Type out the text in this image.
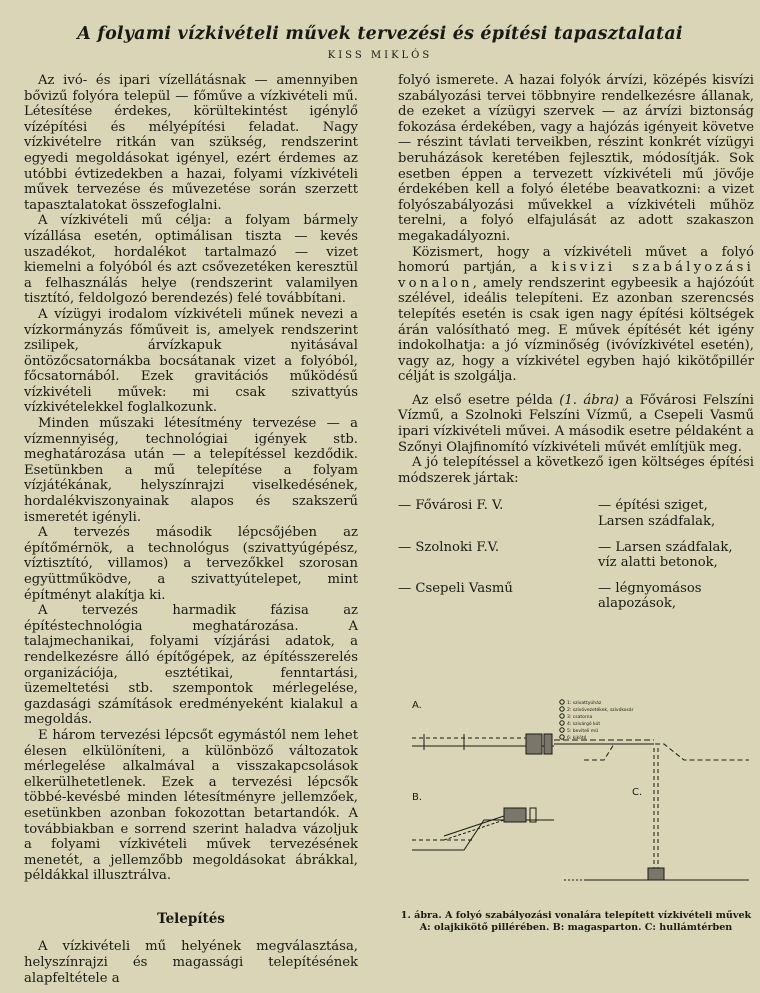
A folyami vízkivételi művek tervezési és építési tapasztalatai
KISS MIKLÓS

Az ivó- és ipari vízellátásnak — amennyiben bővizű folyóra települ — főműve a vízkivételi mű. Létesítése érdekes, körültekintést igénylő vízépítési és mélyépítési feladat. Nagy vízkivételre ritkán van szükség, rendszerint egyedi megoldásokat igényel, ezért érdemes az utóbbi évtizedekben a hazai, folyami vízkivételi művek tervezése és művezetése során szerzett tapasztalatokat összefoglalni.

A vízkivételi mű célja: a folyam bármely vízállása esetén, optimálisan tiszta — kevés uszadékot, hordalékot tartalmazó — vizet kiemelni a folyóból és azt csővezetéken keresztül a felhasználás helye (rendszerint valamilyen tisztító, feldolgozó berendezés) felé továbbítani.

A vízügyi irodalom vízkivételi műnek nevezi a vízkormányzás főműveit is, amelyek rendszerint zsilipek, árvízkapuk nyitásával öntözőcsatornákba bocsátanak vizet a folyóból, főcsatornából. Ezek gravitációs működésű vízkivételi művek: mi csak szivattyús vízkivételekkel foglalkozunk.

Minden műszaki létesítmény tervezése — a vízmennyiség, technológiai igények stb. meghatározása után — a telepítéssel kezdődik. Esetünkben a mű telepítése a folyam vízjátékának, helyszínrajzi viselkedésének, hordalékviszonyainak alapos és szakszerű ismeretét igényli.

A tervezés második lépcsőjében az építőmérnök, a technológus (szivattyúgépész, víztisztító, villamos) a tervezőkkel szorosan együttműködve, a szivattyútelepet, mint építményt alakítja ki.

A tervezés harmadik fázisa az építéstechnológia meghatározása. A talajmechanikai, folyami vízjárási adatok, a rendelkezésre álló építőgépek, az építésszerelés organizációja, esztétikai, fenntartási, üzemeltetési stb. szempontok mérlegelése, gazdasági számítások eredményeként kialakul a megoldás.

E három tervezési lépcsőt egymástól nem lehet élesen elkülöníteni, a különböző változatok mérlegelése alkalmával a visszakapcsolások elkerülhetetlenek. Ezek a tervezési lépcsők többé-kevésbé minden létesítményre jellemzőek, esetünkben azonban fokozottan betartandók. A továbbiakban e sorrend szerint haladva vázoljuk a folyami vízkivételi művek tervezésének menetét, a jellemzőbb megoldásokat ábrákkal, példákkal illusztrálva.

Telepítés

A vízkivételi mű helyének megválasztása, helyszínrajzi és magassági telepítésének alapfeltétele a

folyó ismerete. A hazai folyók árvízi, középés kisvízi szabályozási tervei többnyire rendelkezésre állanak, de ezeket a vízügyi szervek — az árvízi biztonság fokozása érdekében, vagy a hajózás igényeit követve — részint távlati terveikben, részint konkrét vízügyi beruházások keretében fejlesztik, módosítják. Sok esetben éppen a tervezett vízkivételi mű jövője érdekében kell a folyó életébe beavatkozni: a vizet folyószabályozási művekkel a vízkivételi műhöz terelni, a folyó elfajulását az adott szakaszon megakadályozni.

Közismert, hogy a vízkivételi művet a folyó homorú partján, a kisvizi szabályozási vonalon, amely rendszerint egybeesik a hajózóút szélével, ideális telepíteni. Ez azonban szerencsés telepítés esetén is csak igen nagy építési költségek árán valósítható meg. E művek építését két igény indokolhatja: a jó vízminőség (ivóvízkivétel esetén), vagy az, hogy a vízkivétel egyben hajó kikötőpillér célját is szolgálja.

Az első esetre példa (1. ábra) a Fővárosi Felszíni Vízmű, a Szolnoki Felszíni Vízmű, a Csepeli Vasmű ipari vízkivételi művei. A második esetre példaként a Szőnyi Olajfinomító vízkivételi művét említjük meg.

A jó telepítéssel a következő igen költséges építési módszerek jártak:

— Fővárosi F. V.	— építési sziget, Larsen szádfalak,
— Szolnoki F.V.	— Larsen szádfalak, víz alatti betonok,
— Csepeli Vasmű	— légnyomásos alapozások,
A.	1: szivattyúház
2: szívóvezetékek, szívókosár
3: csatorna
4: szivárgó kút
5: beviteli mű
6: kikötő
B.	C.
1. ábra. A folyó szabályozási vonalára telepített vízkivételi művek
A: olajkikötő pillérében. B: magasparton. C: hullámtérben
